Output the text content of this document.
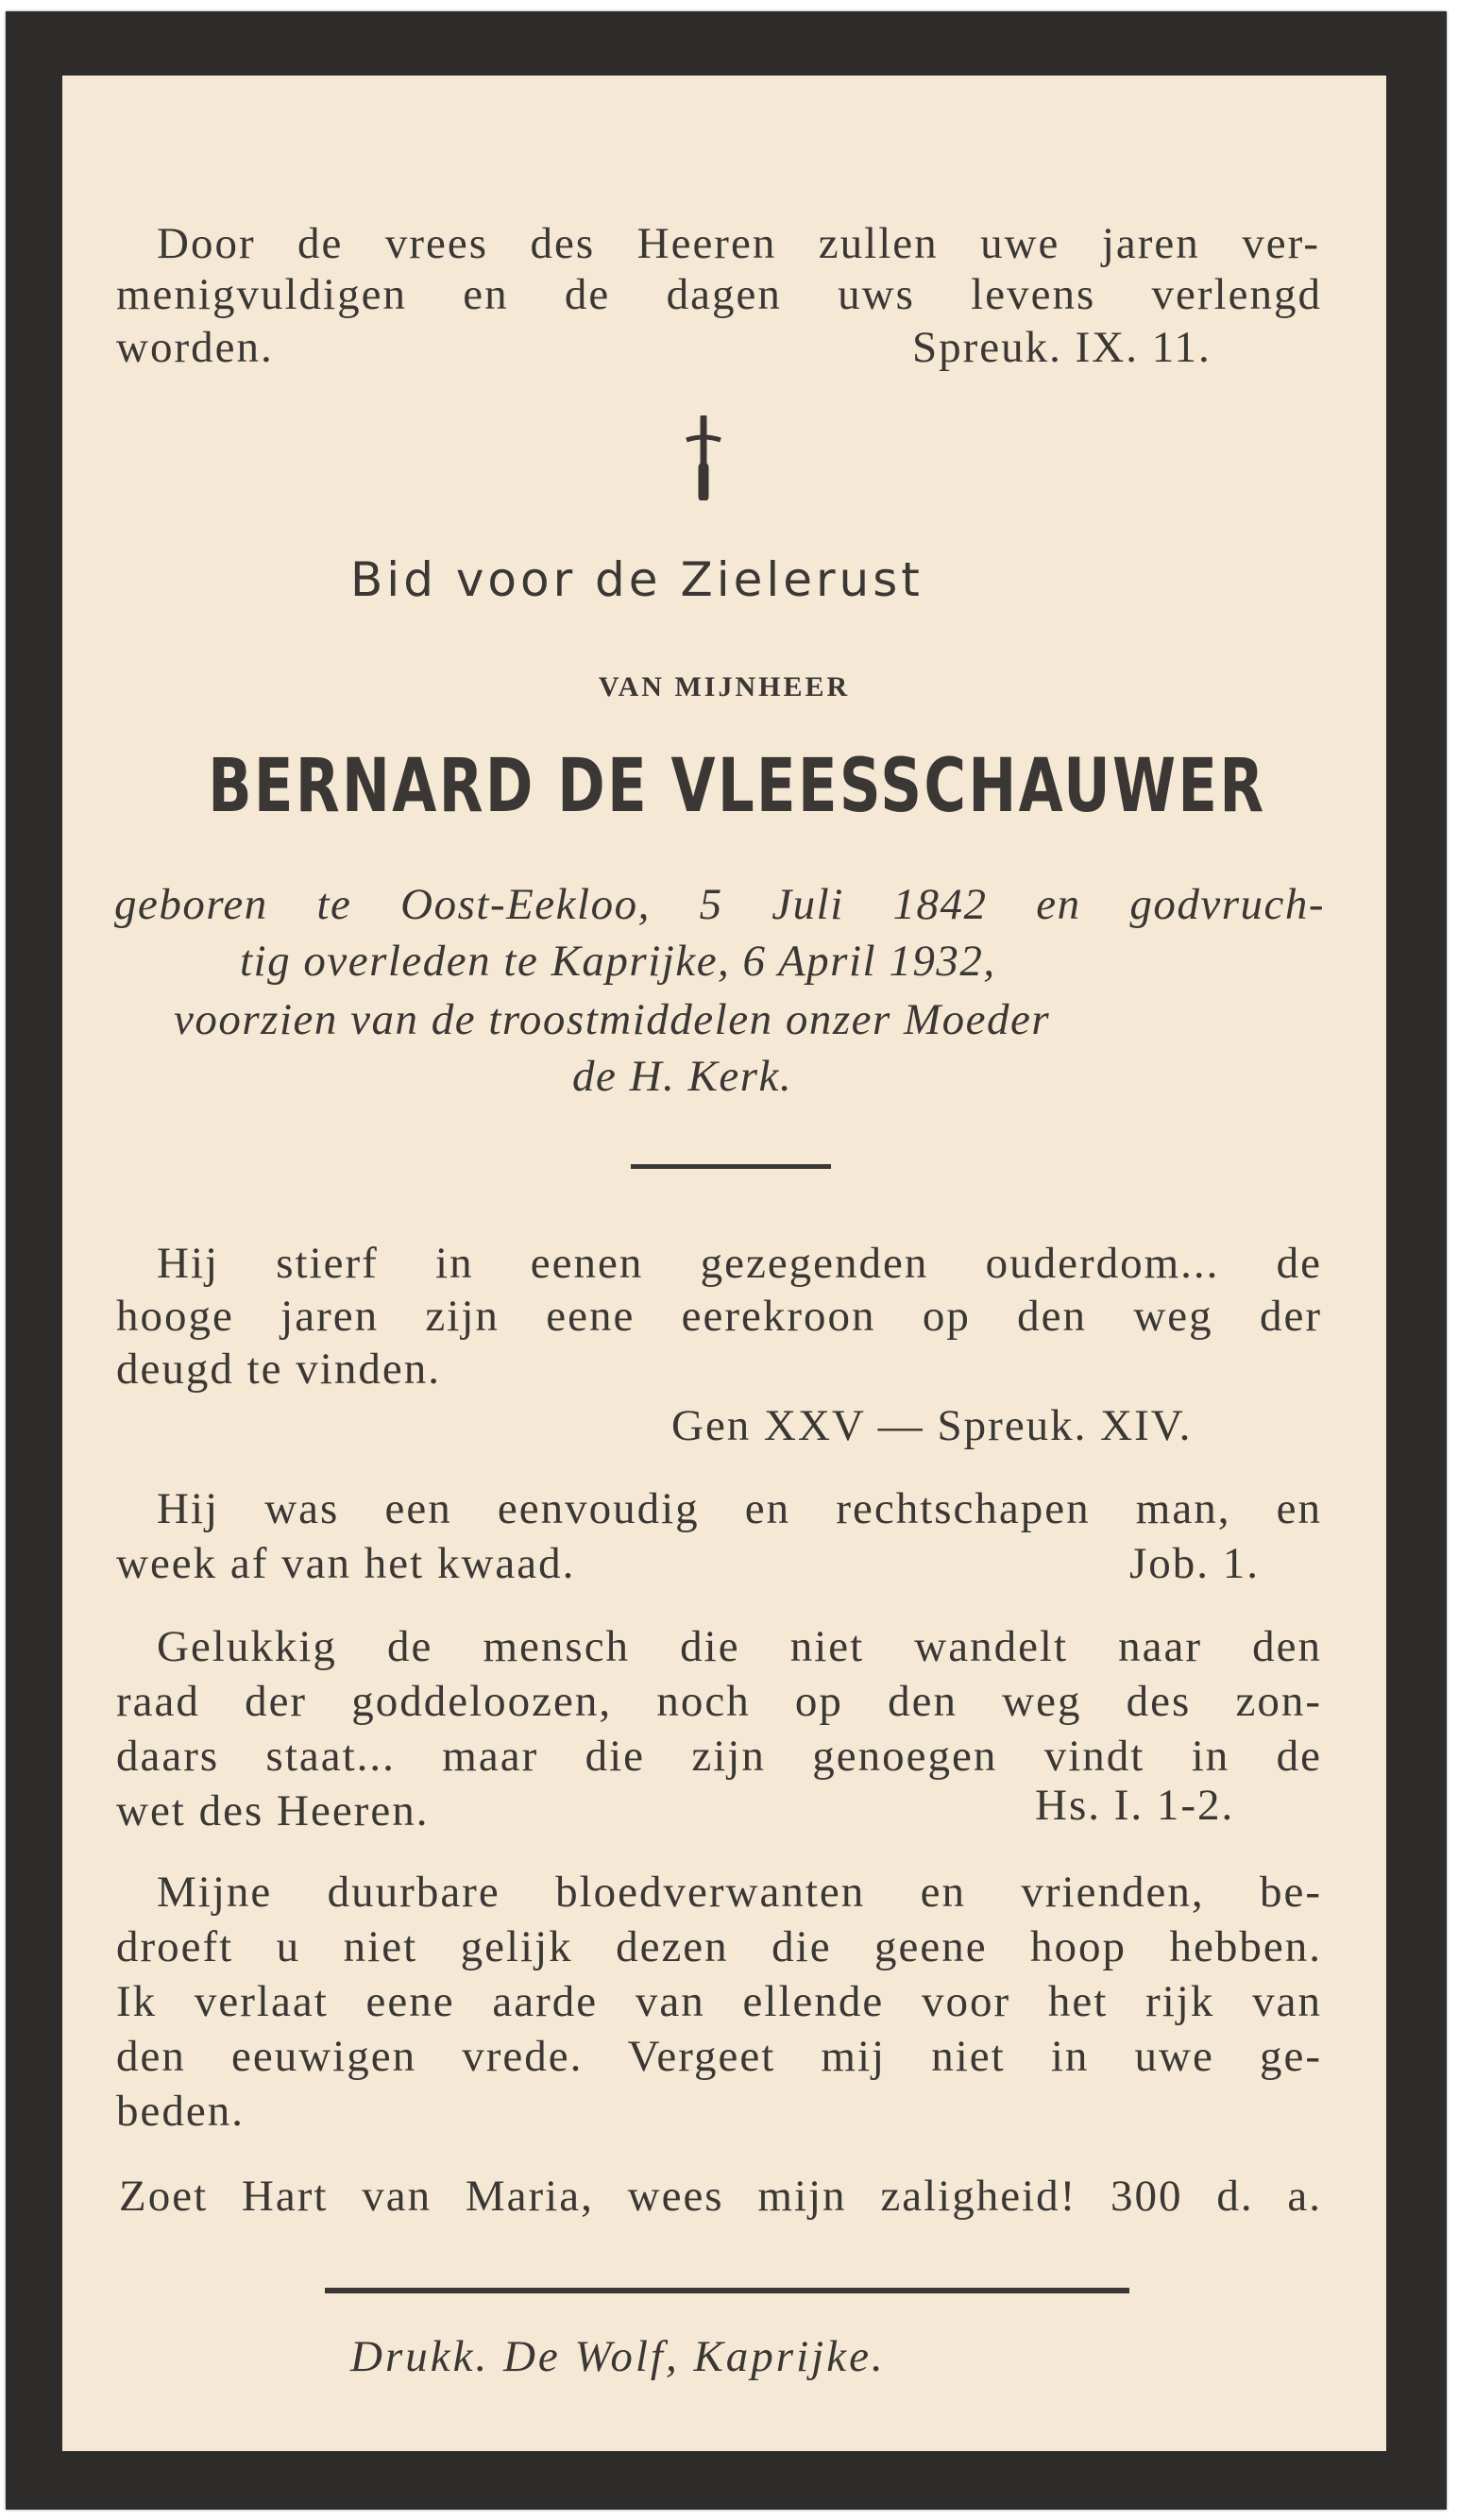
Door de vrees des Heeren zullen uwe jaren ver-
menigvuldigen en de dagen uws levens verlengd
worden.	Spreuk. IX. 11.
Bid voor de Zielerust
VAN MIJNHEER
BERNARD DE VLEESSCHAUWER
geboren te Oost-Eekloo, 5 Juli 1842 en godvruch-
tig overleden te Kaprijke, 6 April 1932,
voorzien van de troostmiddelen onzer Moeder
de H. Kerk.
Hij stierf in eenen gezegenden ouderdom... de
hooge jaren zijn eene eerekroon op den weg der
deugd te vinden.
Gen XXV — Spreuk. XIV.
Hij was een eenvoudig en rechtschapen man, en
week af van het kwaad.	Job. 1.
Gelukkig de mensch die niet wandelt naar den
raad der goddeloozen, noch op den weg des zon-
daars staat... maar die zijn genoegen vindt in de
wet des Heeren.	Hs. I. 1-2.
Mijne duurbare bloedverwanten en vrienden, be-
droeft u niet gelijk dezen die geene hoop hebben.
Ik verlaat eene aarde van ellende voor het rijk van
den eeuwigen vrede. Vergeet mij niet in uwe ge-
beden.
Zoet Hart van Maria, wees mijn zaligheid! 300 d. a.
Drukk. De Wolf, Kaprijke.
